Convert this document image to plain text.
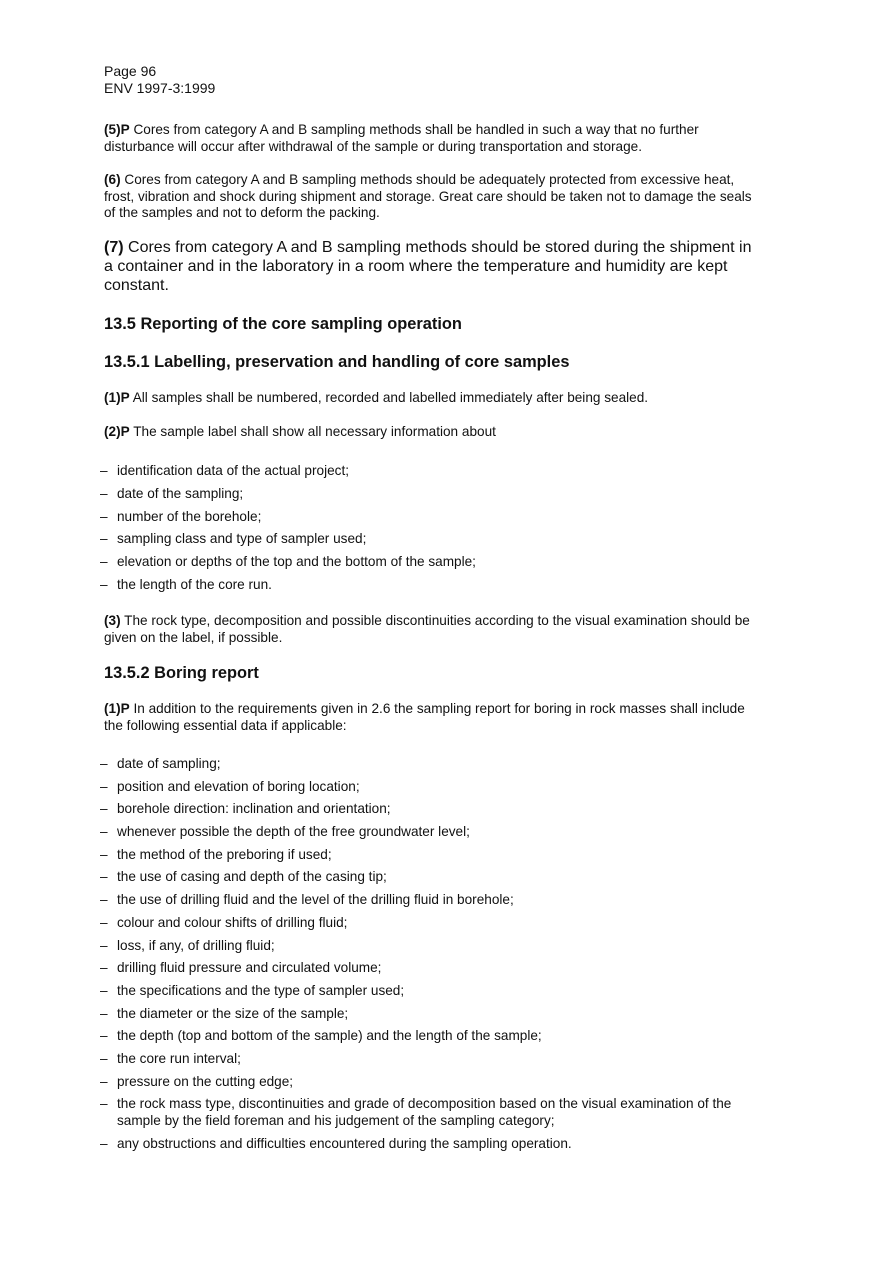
Page 96
ENV 1997-3:1999
(5)P Cores from category A and B sampling methods shall be handled in such a way that no further disturbance will occur after withdrawal of the sample or during transportation and storage.
(6) Cores from category A and B sampling methods should be adequately protected from excessive heat, frost, vibration and shock during shipment and storage. Great care should be taken not to damage the seals of the samples and not to deform the packing.
(7) Cores from category A and B sampling methods should be stored during the shipment in a container and in the laboratory in a room where the temperature and humidity are kept constant.
13.5 Reporting of the core sampling operation
13.5.1 Labelling, preservation and handling of core samples
(1)P All samples shall be numbered, recorded and labelled immediately after being sealed.
(2)P The sample label shall show all necessary information about
– identification data of the actual project;
– date of the sampling;
– number of the borehole;
– sampling class and type of sampler used;
– elevation or depths of the top and the bottom of the sample;
– the length of the core run.
(3) The rock type, decomposition and possible discontinuities according to the visual examination should be given on the label, if possible.
13.5.2 Boring report
(1)P In addition to the requirements given in 2.6 the sampling report for boring in rock masses shall include the following essential data if applicable:
– date of sampling;
– position and elevation of boring location;
– borehole direction: inclination and orientation;
– whenever possible the depth of the free groundwater level;
– the method of the preboring if used;
– the use of casing and depth of the casing tip;
– the use of drilling fluid and the level of the drilling fluid in borehole;
– colour and colour shifts of drilling fluid;
– loss, if any, of drilling fluid;
– drilling fluid pressure and circulated volume;
– the specifications and the type of sampler used;
– the diameter or the size of the sample;
– the depth (top and bottom of the sample) and the length of the sample;
– the core run interval;
– pressure on the cutting edge;
– the rock mass type, discontinuities and grade of decomposition based on the visual examination of the sample by the field foreman and his judgement of the sampling category;
– any obstructions and difficulties encountered during the sampling operation.
